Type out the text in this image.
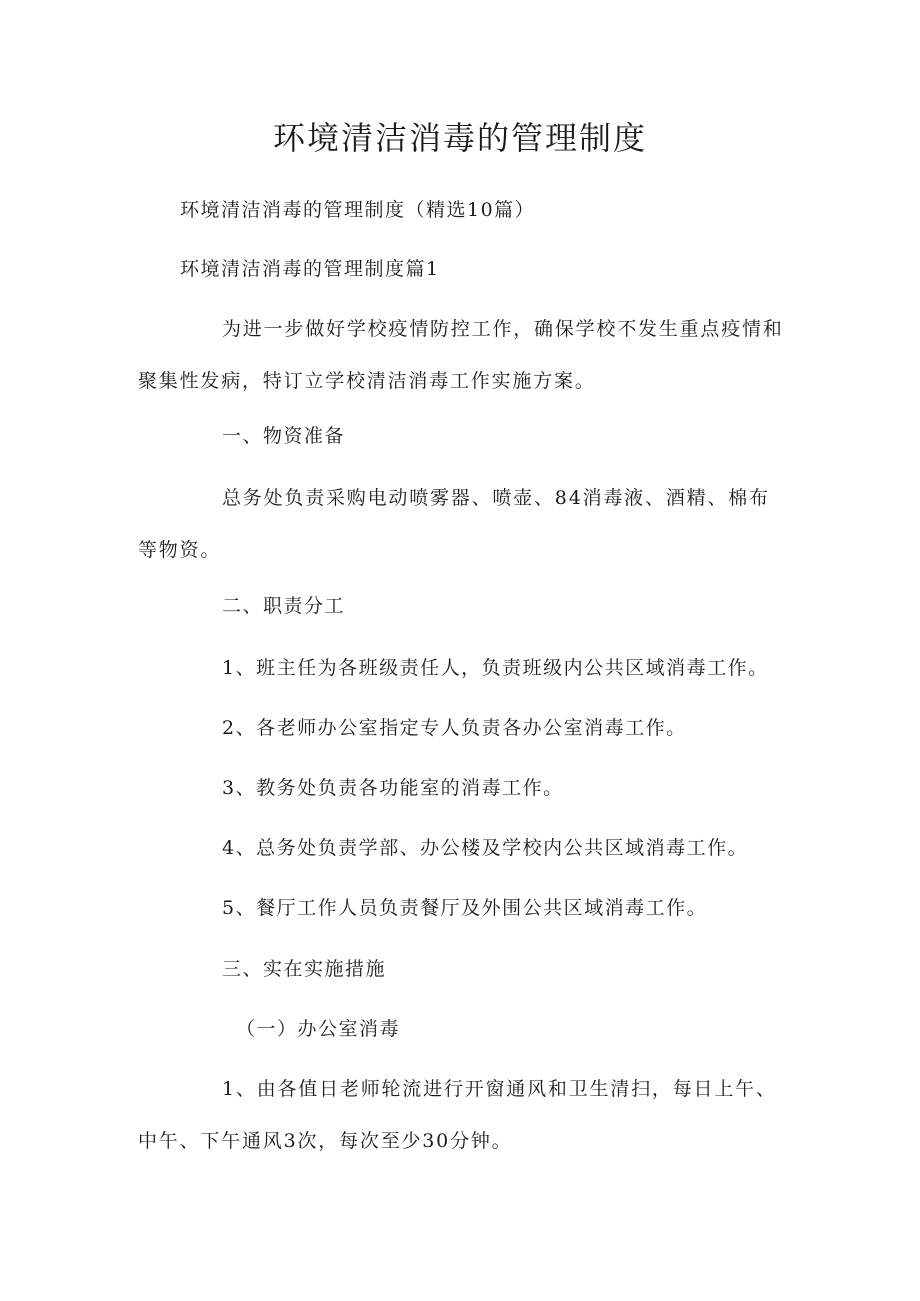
环境清洁消毒的管理制度
环境清洁消毒的管理制度（精选10篇）
环境清洁消毒的管理制度篇1
为进一步做好学校疫情防控工作，确保学校不发生重点疫情和聚集性发病，特订立学校清洁消毒工作实施方案。
一、物资准备
总务处负责采购电动喷雾器、喷壶、84消毒液、酒精、棉布等物资。
二、职责分工
1、班主任为各班级责任人，负责班级内公共区域消毒工作。
2、各老师办公室指定专人负责各办公室消毒工作。
3、教务处负责各功能室的消毒工作。
4、总务处负责学部、办公楼及学校内公共区域消毒工作。
5、餐厅工作人员负责餐厅及外围公共区域消毒工作。
三、实在实施措施
（一）办公室消毒
1、由各值日老师轮流进行开窗通风和卫生清扫，每日上午、中午、下午通风3次，每次至少30分钟。
